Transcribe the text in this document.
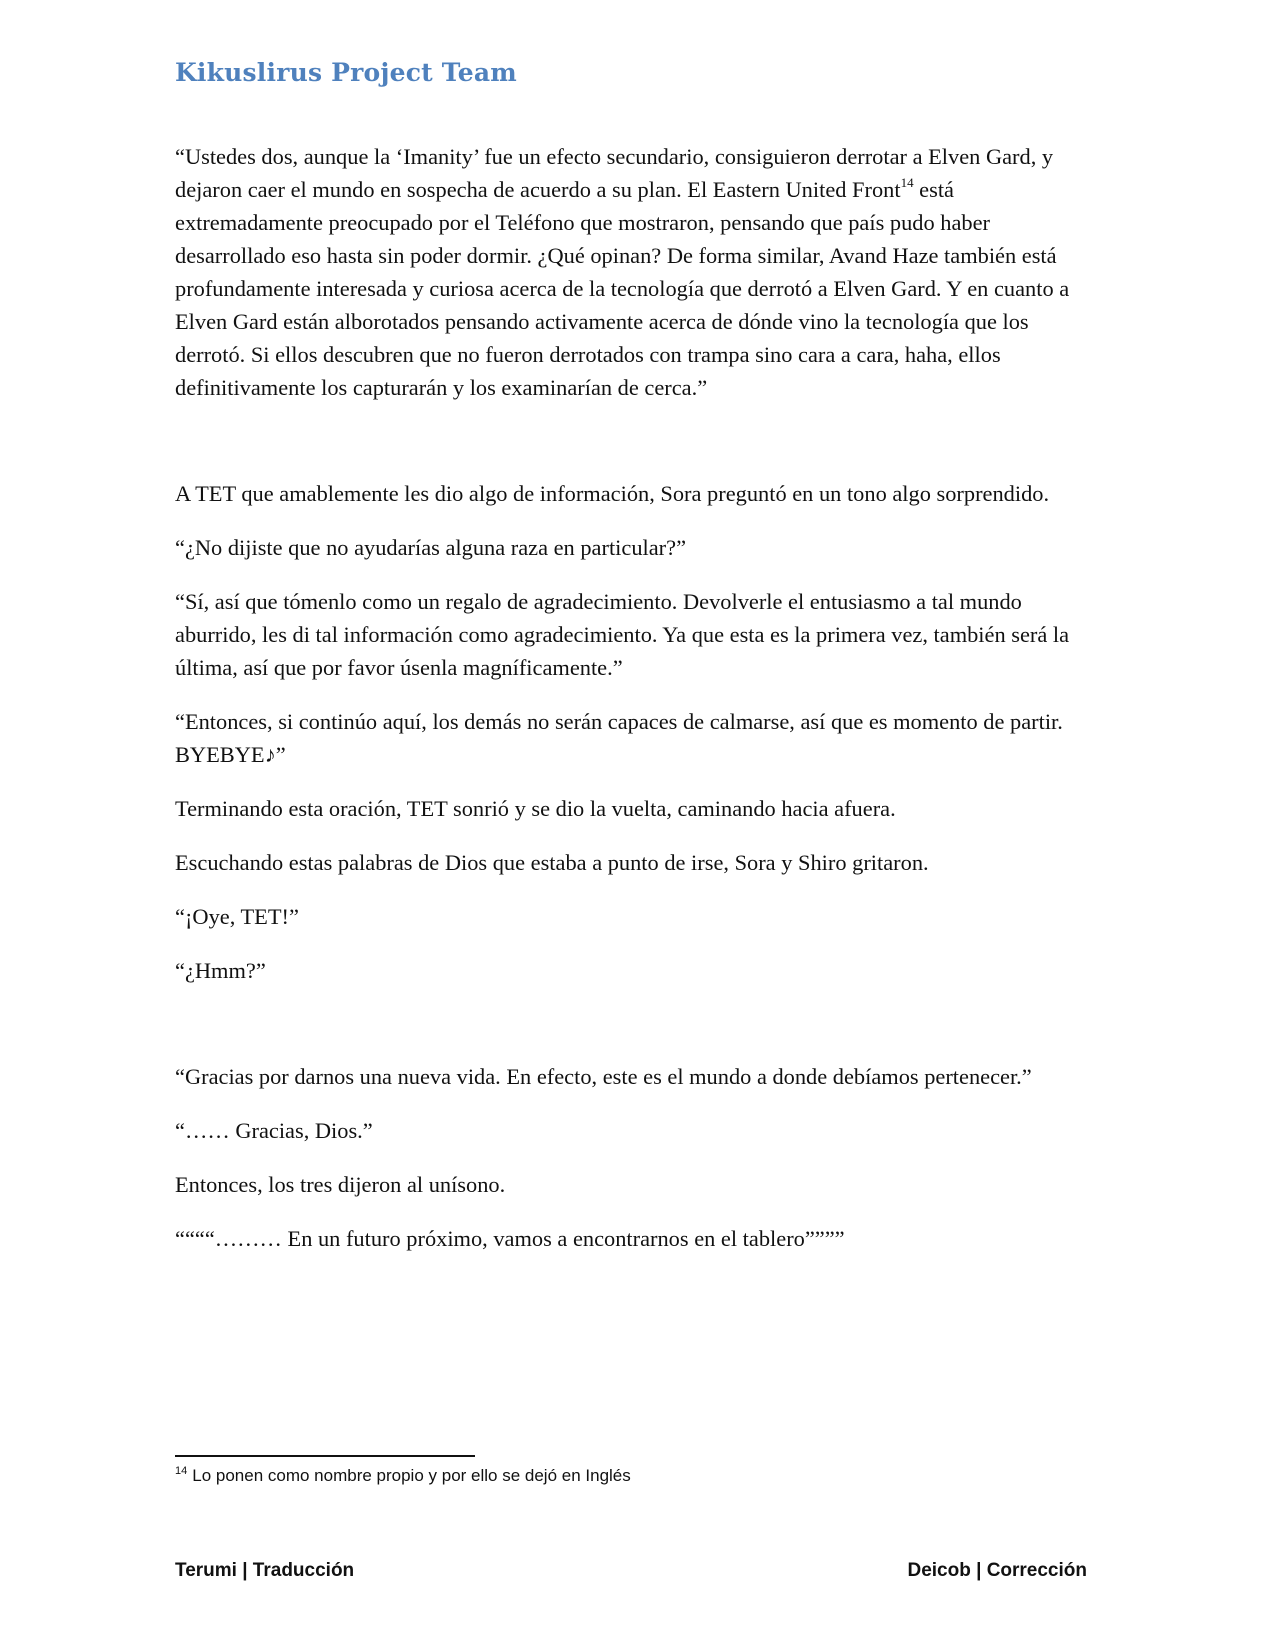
Kikuslirus Project Team

“Ustedes dos, aunque la ‘Imanity’ fue un efecto secundario, consiguieron derrotar a Elven Gard, y dejaron caer el mundo en sospecha de acuerdo a su plan. El Eastern United Front$^{14}$ está extremadamente preocupado por el Teléfono que mostraron, pensando que país pudo haber desarrollado eso hasta sin poder dormir. ¿Qué opinan? De forma similar, Avand Haze también está profundamente interesada y curiosa acerca de la tecnología que derrotó a Elven Gard. Y en cuanto a Elven Gard están alborotados pensando activamente acerca de dónde vino la tecnología que los derrotó. Si ellos descubren que no fueron derrotados con trampa sino cara a cara, haha, ellos definitivamente los capturarán y los examinarían de cerca.”

A TET que amablemente les dio algo de información, Sora preguntó en un tono algo sorprendido.

“¿No dijiste que no ayudarías alguna raza en particular?”

“Sí, así que tómenlo como un regalo de agradecimiento. Devolverle el entusiasmo a tal mundo aburrido, les di tal información como agradecimiento. Ya que esta es la primera vez, también será la última, así que por favor úsenla magníficamente.”

“Entonces, si continúo aquí, los demás no serán capaces de calmarse, así que es momento de partir. BYEBYE♪”

Terminando esta oración, TET sonrió y se dio la vuelta, caminando hacia afuera.

Escuchando estas palabras de Dios que estaba a punto de irse, Sora y Shiro gritaron.

“¡Oye, TET!”

“¿Hmm?”

“Gracias por darnos una nueva vida. En efecto, este es el mundo a donde debíamos pertenecer.”

“…… Gracias, Dios.”

Entonces, los tres dijeron al unísono.

““““……… En un futuro próximo, vamos a encontrarnos en el tablero””””

$^{14}$ Lo ponen como nombre propio y por ello se dejó en Inglés
Terumi | Traducción	Deicob | Corrección
